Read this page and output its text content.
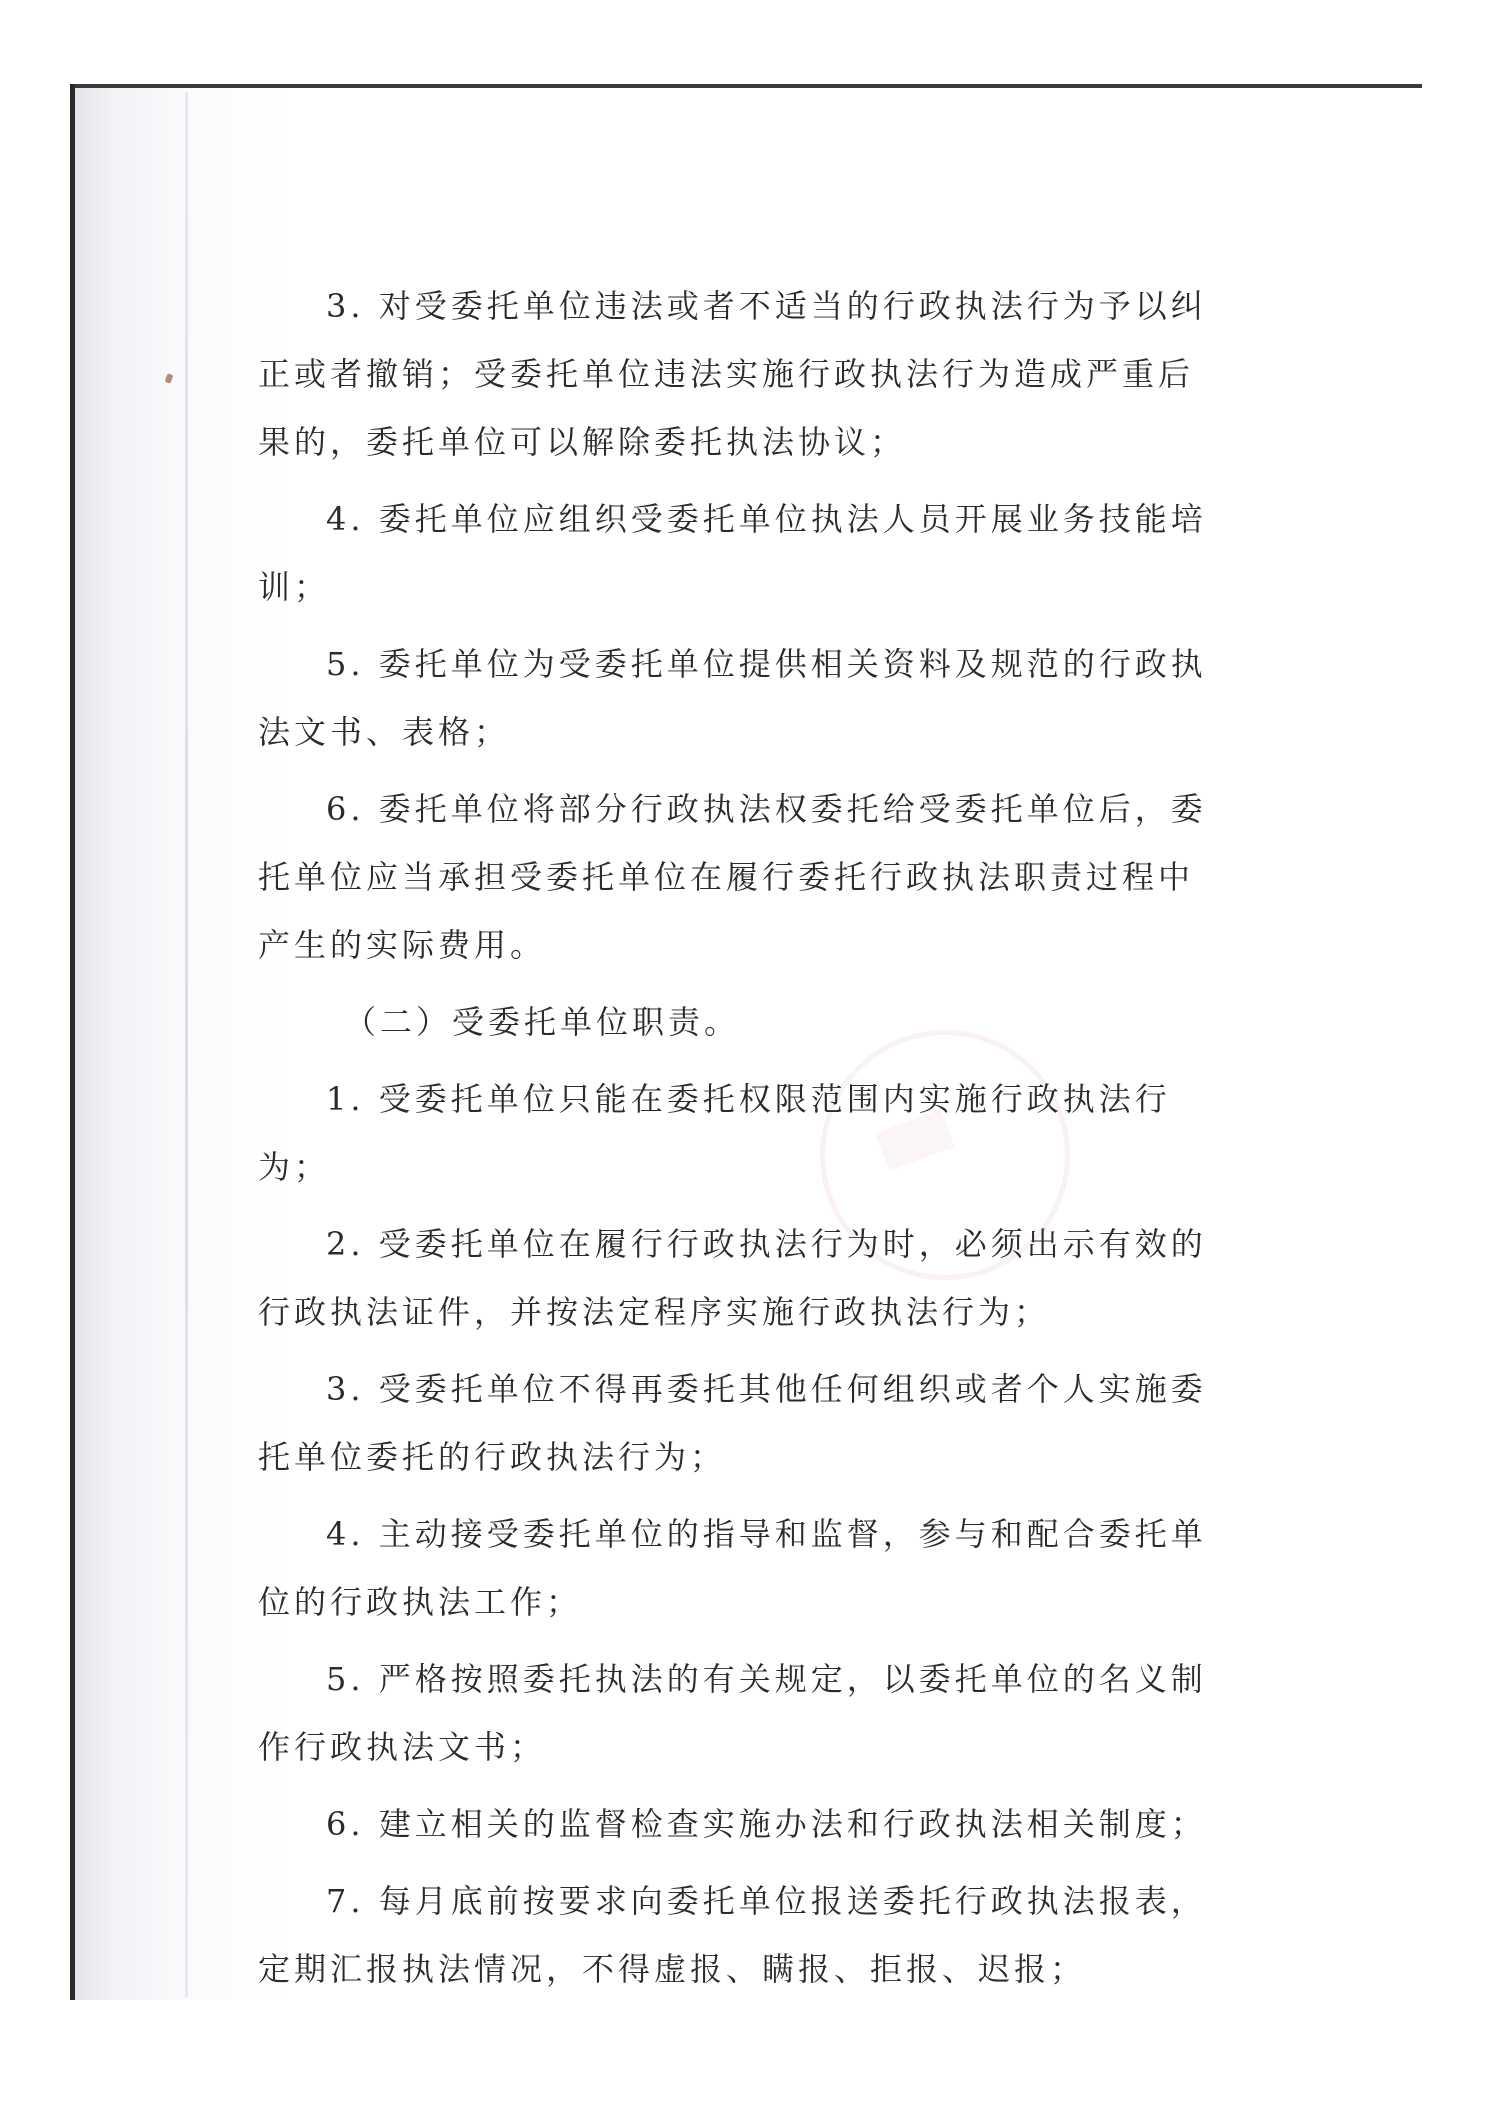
3. 对受委托单位违法或者不适当的行政执法行为予以纠正或者撤销；受委托单位违法实施行政执法行为造成严重后果的，委托单位可以解除委托执法协议；

4. 委托单位应组织受委托单位执法人员开展业务技能培训；

5. 委托单位为受委托单位提供相关资料及规范的行政执法文书、表格；

6. 委托单位将部分行政执法权委托给受委托单位后，委托单位应当承担受委托单位在履行委托行政执法职责过程中产生的实际费用。

（二）受委托单位职责。

1. 受委托单位只能在委托权限范围内实施行政执法行为；

2. 受委托单位在履行行政执法行为时，必须出示有效的行政执法证件，并按法定程序实施行政执法行为；

3. 受委托单位不得再委托其他任何组织或者个人实施委托单位委托的行政执法行为；

4. 主动接受委托单位的指导和监督，参与和配合委托单位的行政执法工作；

5. 严格按照委托执法的有关规定，以委托单位的名义制作行政执法文书；

6. 建立相关的监督检查实施办法和行政执法相关制度；

7. 每月底前按要求向委托单位报送委托行政执法报表，定期汇报执法情况，不得虚报、瞒报、拒报、迟报；
